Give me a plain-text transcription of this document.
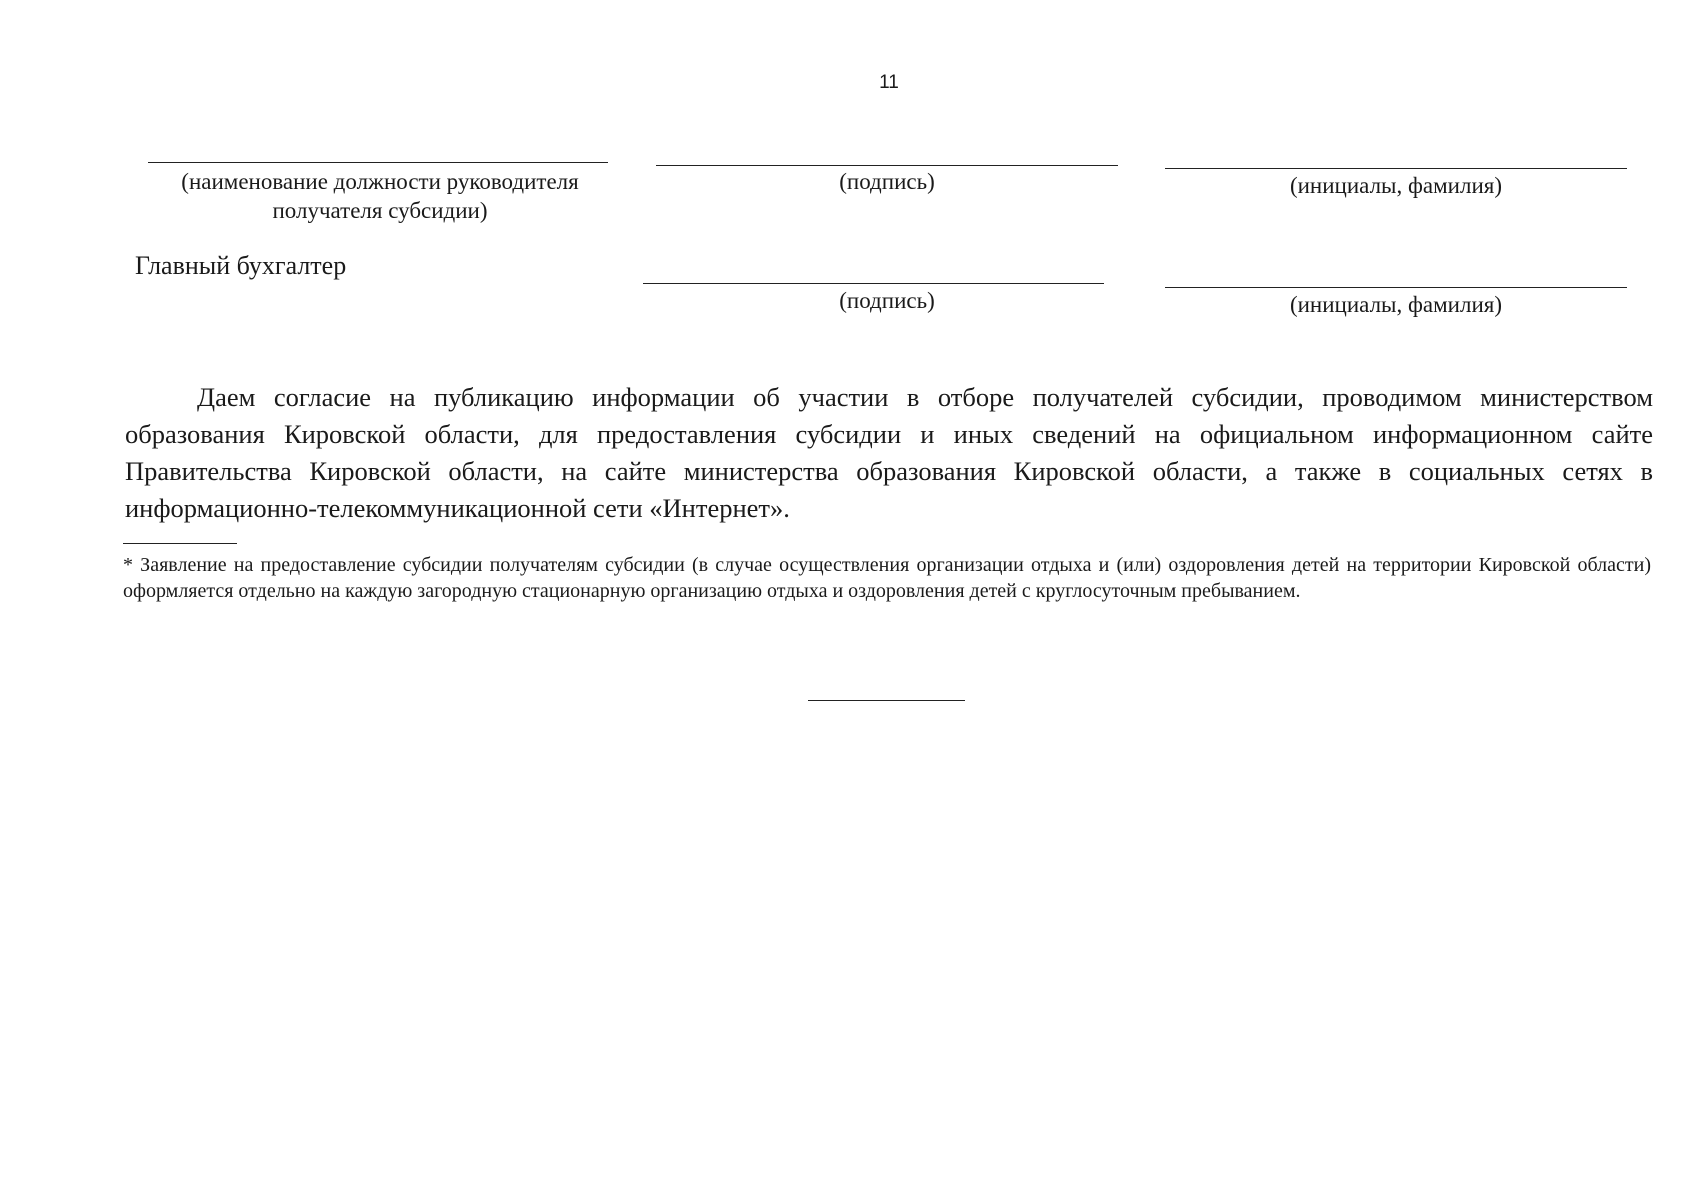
11
(наименование должности руководителя получателя субсидии)
(подпись)	(инициалы, фамилия)
Главный бухгалтер
(подпись)	(инициалы, фамилия)

Даем согласие на публикацию информации об участии в отборе получателей субсидии, проводимом министерством образования Кировской области, для предоставления субсидии и иных сведений на официальном информационном сайте Правительства Кировской области, на сайте министерства образования Кировской области, а также в социальных сетях в информационно-телекоммуникационной сети «Интернет».

* Заявление на предоставление субсидии получателям субсидии (в случае осуществления организации отдыха и (или) оздоровления детей на территории Кировской области) оформляется отдельно на каждую загородную стационарную организацию отдыха и оздоровления детей с круглосуточным пребыванием.
